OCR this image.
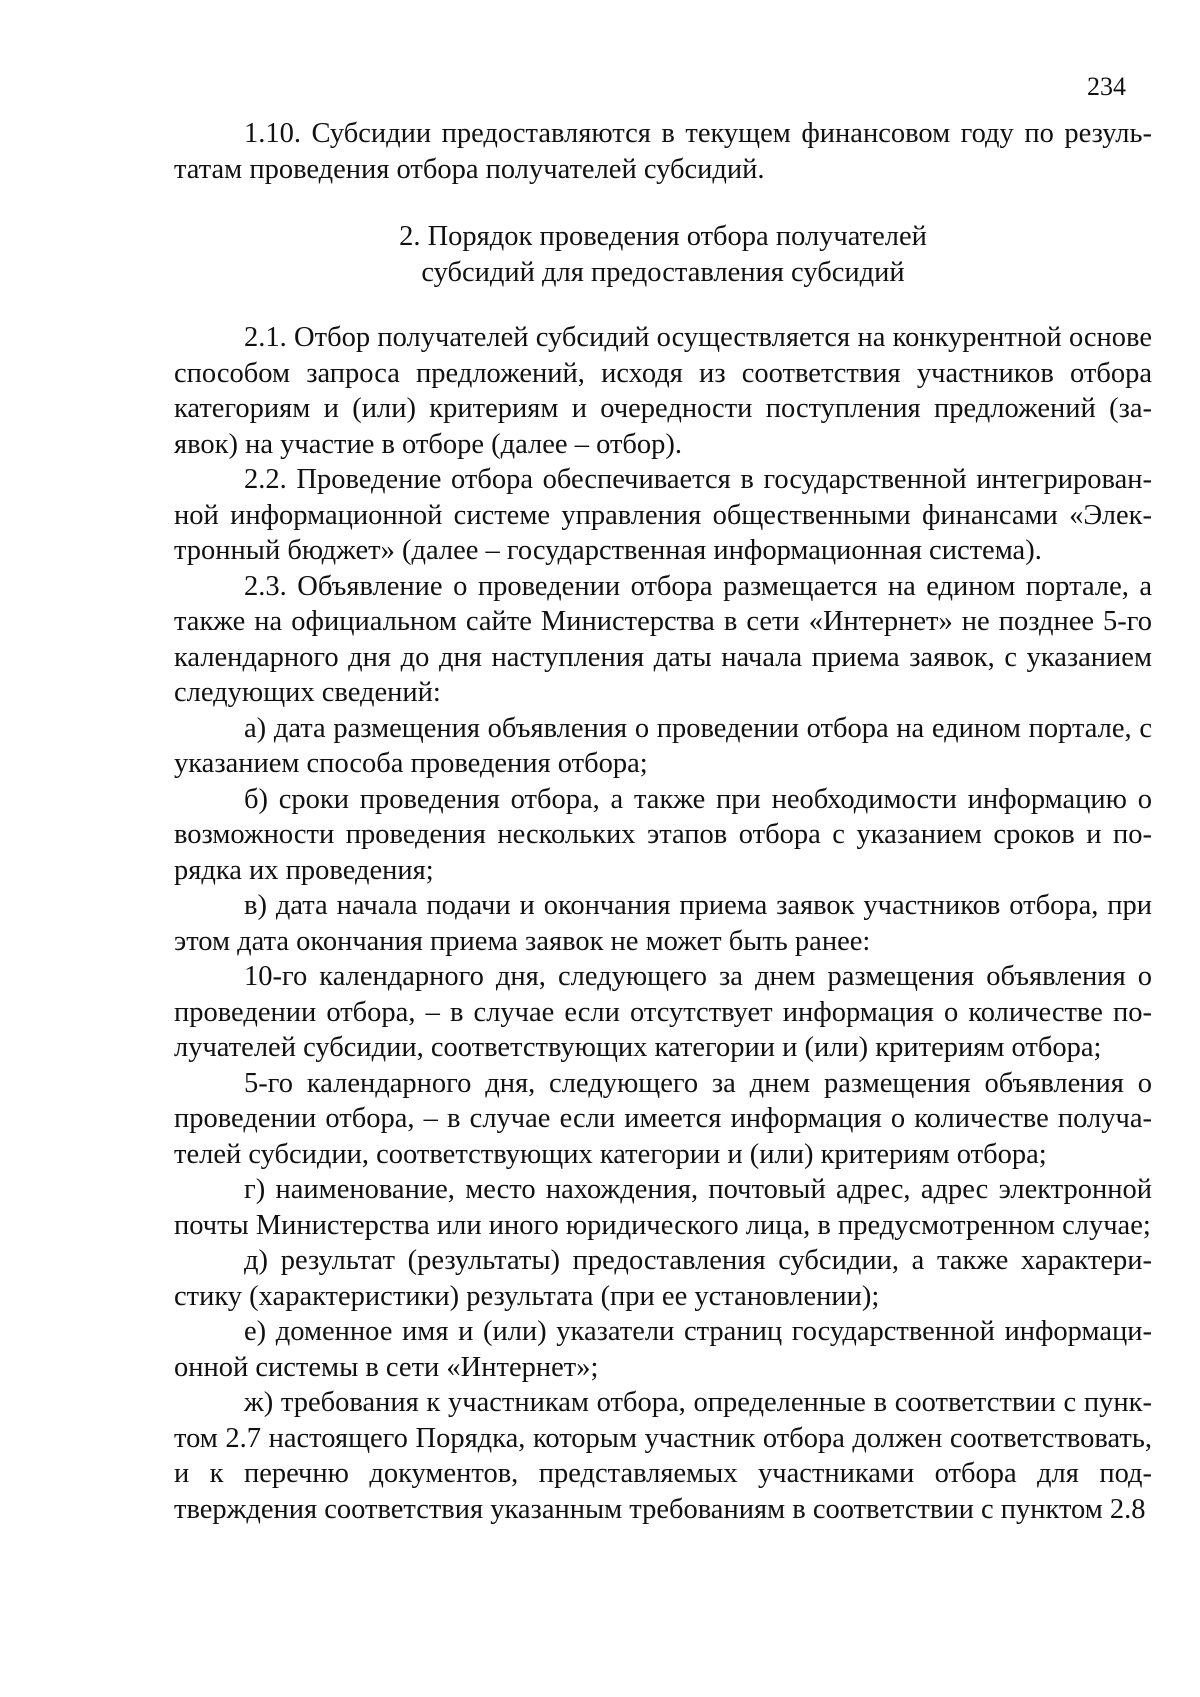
234

1.10. Субсидии предоставляются в текущем финансовом году по результатам проведения отбора получателей субсидий.

2. Порядок проведения отбора получателей
субсидий для предоставления субсидий

2.1. Отбор получателей субсидий осуществляется на конкурентной основе способом запроса предложений, исходя из соответствия участников отбора категориям и (или) критериям и очередности поступления предложений (заявок) на участие в отборе (далее – отбор).

2.2. Проведение отбора обеспечивается в государственной интегрированной информационной системе управления общественными финансами «Электронный бюджет» (далее – государственная информационная система).

2.3. Объявление о проведении отбора размещается на едином портале, а также на официальном сайте Министерства в сети «Интернет» не позднее 5-го календарного дня до дня наступления даты начала приема заявок, с указанием следующих сведений:

а) дата размещения объявления о проведении отбора на едином портале, с указанием способа проведения отбора;

б) сроки проведения отбора, а также при необходимости информацию о возможности проведения нескольких этапов отбора с указанием сроков и порядка их проведения;

в) дата начала подачи и окончания приема заявок участников отбора, при этом дата окончания приема заявок не может быть ранее:

10-го календарного дня, следующего за днем размещения объявления о проведении отбора, – в случае если отсутствует информация о количестве получателей субсидии, соответствующих категории и (или) критериям отбора;

5-го календарного дня, следующего за днем размещения объявления о проведении отбора, – в случае если имеется информация о количестве получателей субсидии, соответствующих категории и (или) критериям отбора;

г) наименование, место нахождения, почтовый адрес, адрес электронной почты Министерства или иного юридического лица, в предусмотренном случае;

д) результат (результаты) предоставления субсидии, а также характеристику (характеристики) результата (при ее установлении);

е) доменное имя и (или) указатели страниц государственной информационной системы в сети «Интернет»;

ж) требования к участникам отбора, определенные в соответствии с пунктом 2.7 настоящего Порядка, которым участник отбора должен соответствовать, и к перечню документов, представляемых участниками отбора для подтверждения соответствия указанным требованиям в соответствии с пунктом 2.8
